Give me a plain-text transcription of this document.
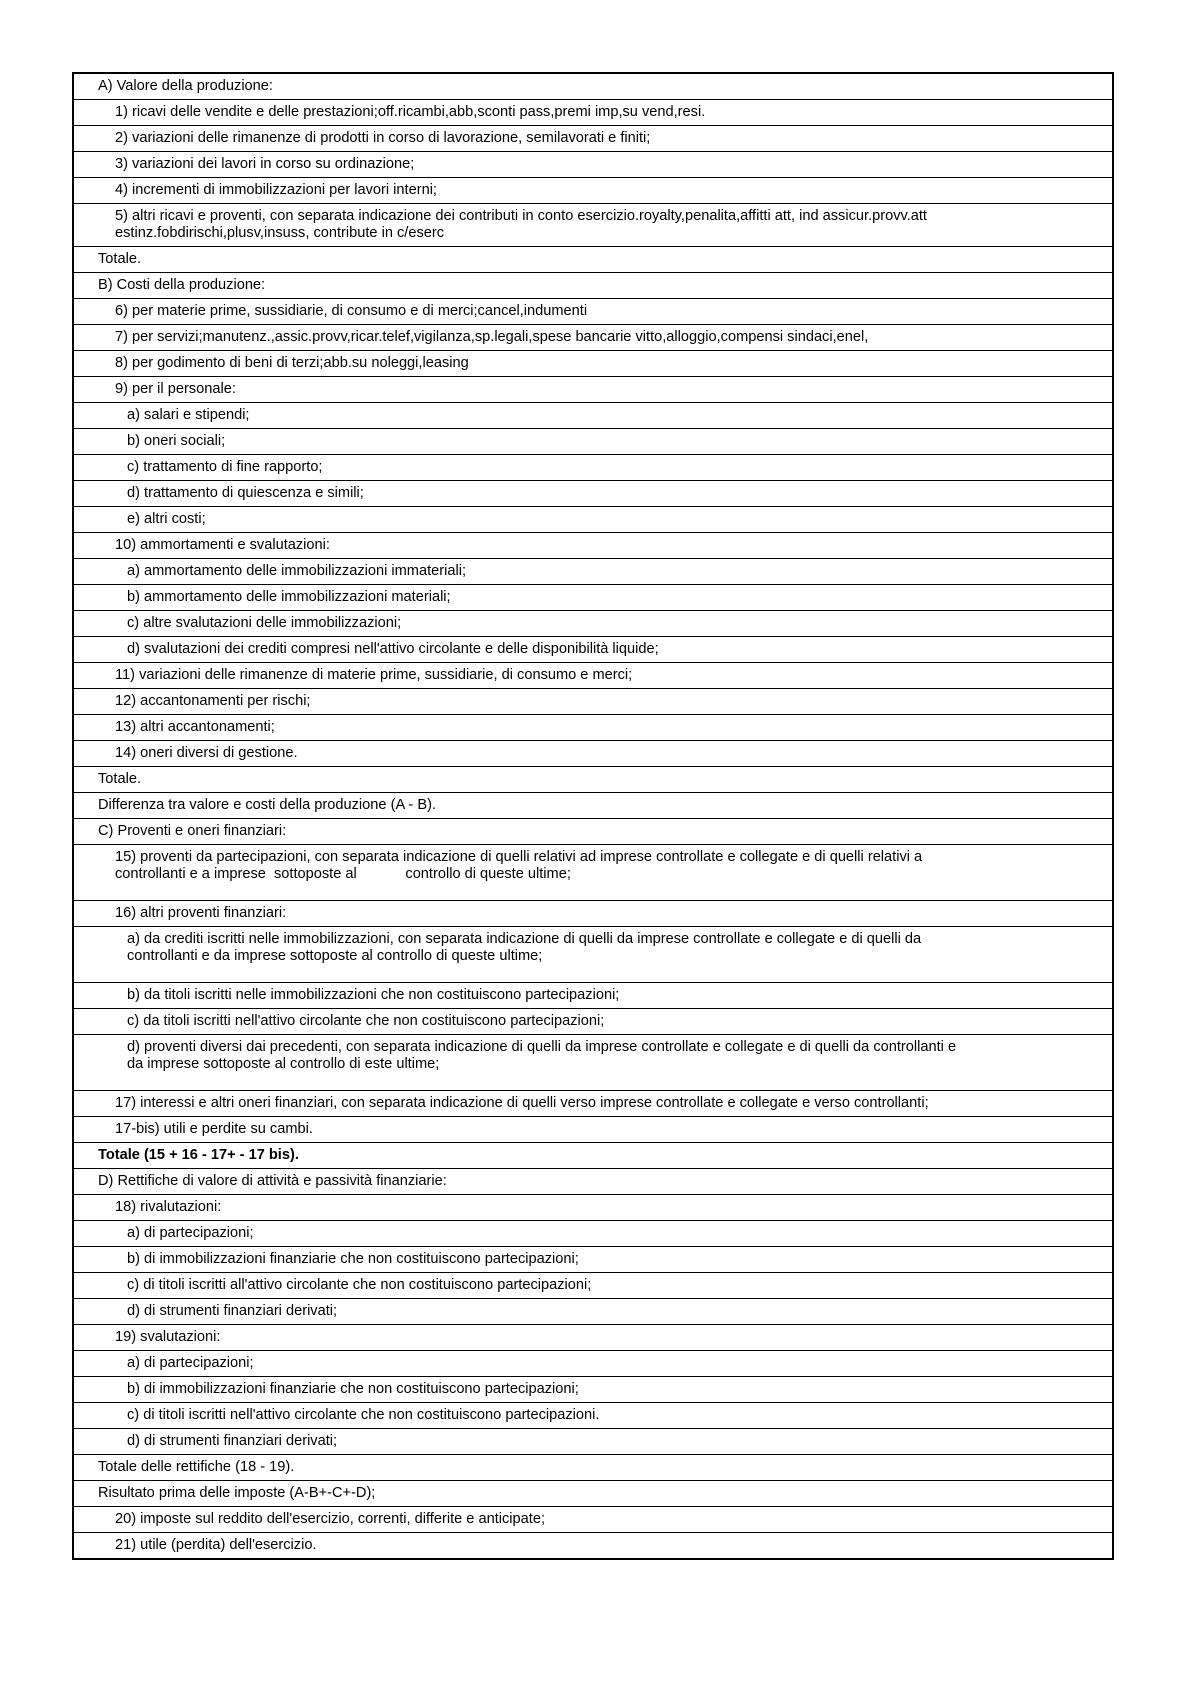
A) Valore della produzione:
1) ricavi delle vendite e delle prestazioni;off.ricambi,abb,sconti pass,premi imp,su vend,resi.
2) variazioni delle rimanenze di prodotti in corso di lavorazione, semilavorati e finiti;
3) variazioni dei lavori in corso su ordinazione;
4) incrementi di immobilizzazioni per lavori interni;
5) altri ricavi e proventi, con separata indicazione dei contributi in conto esercizio.royalty,penalita,affitti att, ind assicur.provv.att
estinz.fobdirischi,plusv,insuss, contribute in c/eserc
Totale.
B) Costi della produzione:
6) per materie prime, sussidiarie, di consumo e di merci;cancel,indumenti
7) per servizi;manutenz.,assic.provv,ricar.telef,vigilanza,sp.legali,spese bancarie vitto,alloggio,compensi sindaci,enel,
8) per godimento di beni di terzi;abb.su noleggi,leasing
9) per il personale:
a) salari e stipendi;
b) oneri sociali;
c) trattamento di fine rapporto;
d) trattamento di quiescenza e simili;
e) altri costi;
10) ammortamenti e svalutazioni:
a) ammortamento delle immobilizzazioni immateriali;
b) ammortamento delle immobilizzazioni materiali;
c) altre svalutazioni delle immobilizzazioni;
d) svalutazioni dei crediti compresi nell'attivo circolante e delle disponibilità liquide;
11) variazioni delle rimanenze di materie prime, sussidiarie, di consumo e merci;
12) accantonamenti per rischi;
13) altri accantonamenti;
14) oneri diversi di gestione.
Totale.
Differenza tra valore e costi della produzione (A - B).
C) Proventi e oneri finanziari:
15) proventi da partecipazioni, con separata indicazione di quelli relativi ad imprese controllate e collegate e di quelli relativi a
controllanti e a imprese  sottoposte al            controllo di queste ultime;
16) altri proventi finanziari:
a) da crediti iscritti nelle immobilizzazioni, con separata indicazione di quelli da imprese controllate e collegate e di quelli da
controllanti e da imprese sottoposte al controllo di queste ultime;
b) da titoli iscritti nelle immobilizzazioni che non costituiscono partecipazioni;
c) da titoli iscritti nell'attivo circolante che non costituiscono partecipazioni;
d) proventi diversi dai precedenti, con separata indicazione di quelli da imprese controllate e collegate e di quelli da controllanti e
da imprese sottoposte al controllo di este ultime;
17) interessi e altri oneri finanziari, con separata indicazione di quelli verso imprese controllate e collegate e verso controllanti;
17-bis) utili e perdite su cambi.
Totale (15 + 16 - 17+ - 17 bis).
D) Rettifiche di valore di attività e passività finanziarie:
18) rivalutazioni:
a) di partecipazioni;
b) di immobilizzazioni finanziarie che non costituiscono partecipazioni;
c) di titoli iscritti all'attivo circolante che non costituiscono partecipazioni;
d) di strumenti finanziari derivati;
19) svalutazioni:
a) di partecipazioni;
b) di immobilizzazioni finanziarie che non costituiscono partecipazioni;
c) di titoli iscritti nell'attivo circolante che non costituiscono partecipazioni.
d) di strumenti finanziari derivati;
Totale delle rettifiche (18 - 19).
Risultato prima delle imposte (A-B+-C+-D);
20) imposte sul reddito dell'esercizio, correnti, differite e anticipate;
21) utile (perdita) dell'esercizio.
